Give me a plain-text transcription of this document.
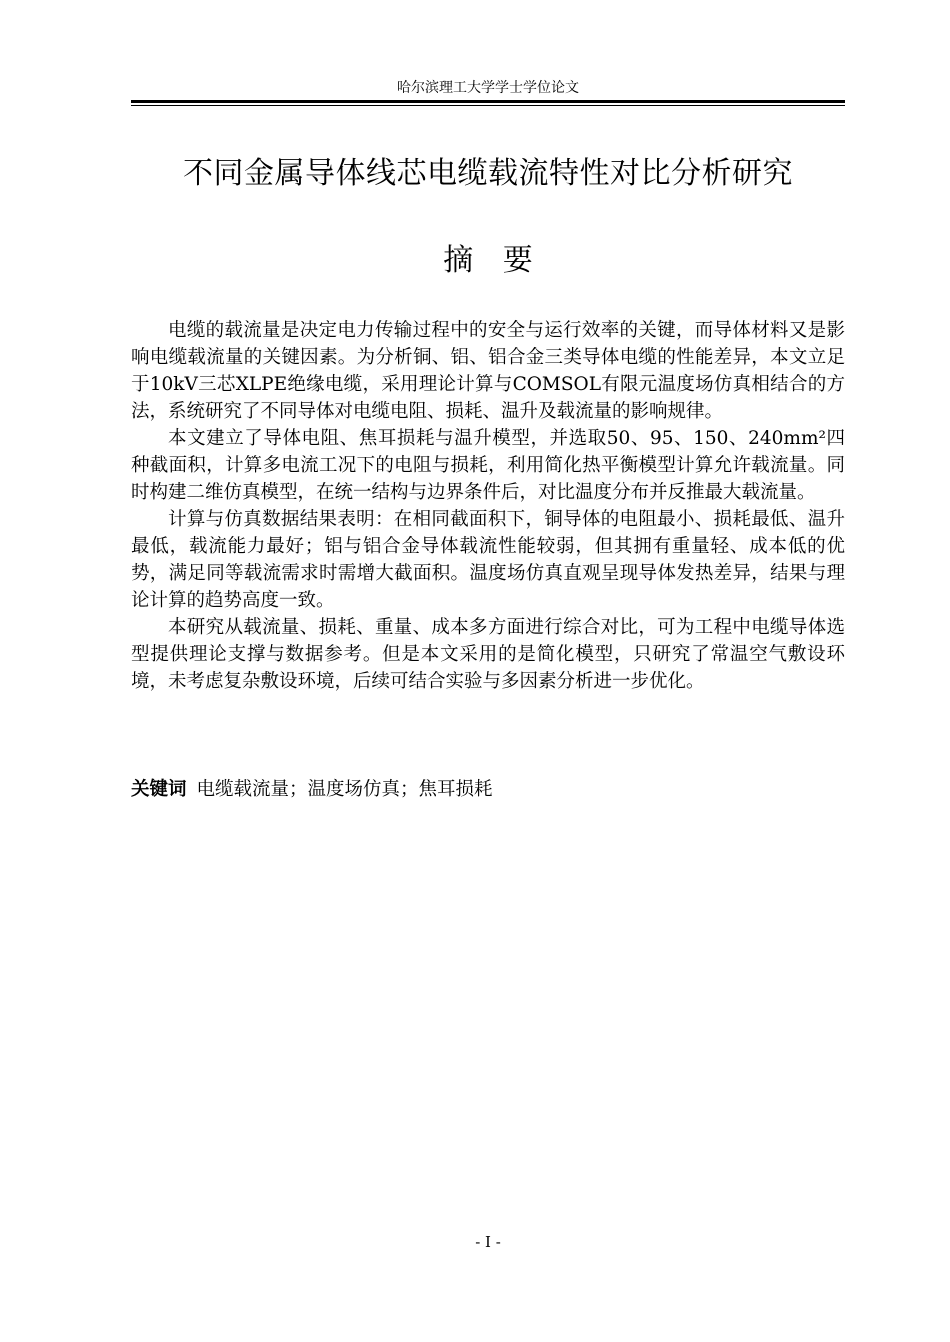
哈尔滨理工大学学士学位论文
不同金属导体线芯电缆载流特性对比分析研究
摘 要

电缆的载流量是决定电力传输过程中的安全与运行效率的关键，而导体材料又是影响电缆载流量的关键因素。为分析铜、铝、铝合金三类导体电缆的性能差异，本文立足于10kV三芯XLPE绝缘电缆，采用理论计算与COMSOL有限元温度场仿真相结合的方法，系统研究了不同导体对电缆电阻、损耗、温升及载流量的影响规律。

本文建立了导体电阻、焦耳损耗与温升模型，并选取50、95、150、240mm²四种截面积，计算多电流工况下的电阻与损耗，利用简化热平衡模型计算允许载流量。同时构建二维仿真模型，在统一结构与边界条件后，对比温度分布并反推最大载流量。

计算与仿真数据结果表明：在相同截面积下，铜导体的电阻最小、损耗最低、温升最低，载流能力最好；铝与铝合金导体载流性能较弱，但其拥有重量轻、成本低的优势，满足同等载流需求时需增大截面积。温度场仿真直观呈现导体发热差异，结果与理论计算的趋势高度一致。

本研究从载流量、损耗、重量、成本多方面进行综合对比，可为工程中电缆导体选型提供理论支撑与数据参考。但是本文采用的是简化模型，只研究了常温空气敷设环境，未考虑复杂敷设环境，后续可结合实验与多因素分析进一步优化。

关键词 电缆载流量；温度场仿真；焦耳损耗
- I -
